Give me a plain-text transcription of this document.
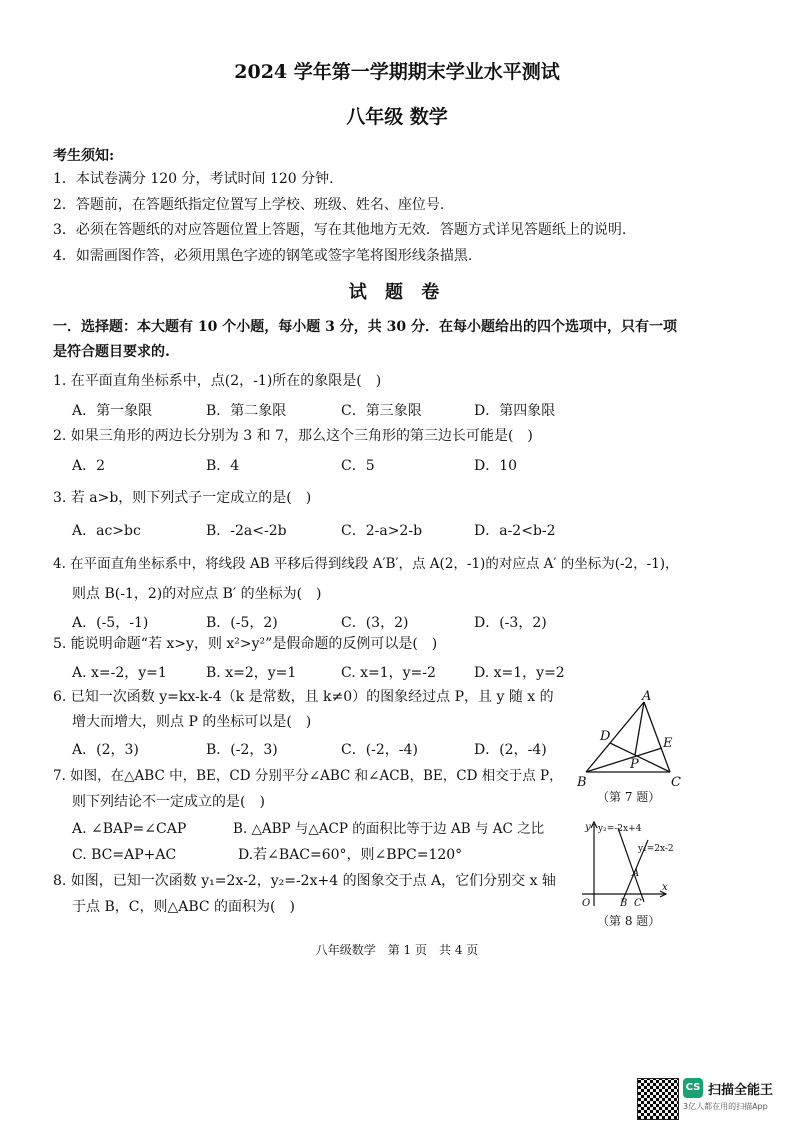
2024 学年第一学期期末学业水平测试
八年级 数学
考生须知:
1．本试卷满分 120 分，考试时间 120 分钟.
2．答题前，在答题纸指定位置写上学校、班级、姓名、座位号.
3．必须在答题纸的对应答题位置上答题，写在其他地方无效．答题方式详见答题纸上的说明.
4．如需画图作答，必须用黑色字迹的钢笔或签字笔将图形线条描黑.
试 题 卷
一．选择题：本大题有 10 个小题，每小题 3 分，共 30 分．在每小题给出的四个选项中，只有一项
是符合题目要求的.
1. 在平面直角坐标系中，点(2，-1)所在的象限是(　)
A．第一象限	B．第二象限	C．第三象限	D．第四象限
2. 如果三角形的两边长分别为 3 和 7，那么这个三角形的第三边长可能是(　)
A．2	B．4	C．5	D．10
3. 若 a>b，则下列式子一定成立的是(　)
A．ac>bc	B．-2a<-2b	C．2-a>2-b	D．a-2<b-2
4. 在平面直角坐标系中，将线段 AB 平移后得到线段 A′B′，点 A(2，-1)的对应点 A′ 的坐标为(-2，-1)，
则点 B(-1，2)的对应点 B′ 的坐标为(　)
A．(-5，-1)	B．(-5，2)	C．(3，2)	D．(-3，2)
5. 能说明命题“若 x>y，则 x²>y²”是假命题的反例可以是(　)
A. x=-2，y=1	B. x=2，y=1	C. x=1，y=-2	D. x=1，y=2
6. 已知一次函数 y=kx-k-4（k 是常数，且 k≠0）的图象经过点 P，且 y 随 x 的
增大而增大，则点 P 的坐标可以是(　)
A．(2，3)	B．(-2，3)	C．(-2，-4)	D．(2，-4)
7. 如图，在△ABC 中，BE，CD 分别平分∠ABC 和∠ACB，BE，CD 相交于点 P，
则下列结论不一定成立的是(　)
A. ∠BAP=∠CAP	B. △ABP 与△ACP 的面积比等于边 AB 与 AC 之比
C. BC=AP+AC	D.若∠BAC=60°，则∠BPC=120°
8. 如图，已知一次函数 y₁=2x-2，y₂=-2x+4 的图象交于点 A，它们分别交 x 轴
于点 B，C，则△ABC 的面积为(　)
A
B	C
D	E
P
（第 7 题）
y y₂=-2x+4
y₁=2x-2
A
O	B C
x
（第 8 题）
八年级数学　第 1 页　共 4 页
CS 扫描全能王
3亿人都在用的扫描App
